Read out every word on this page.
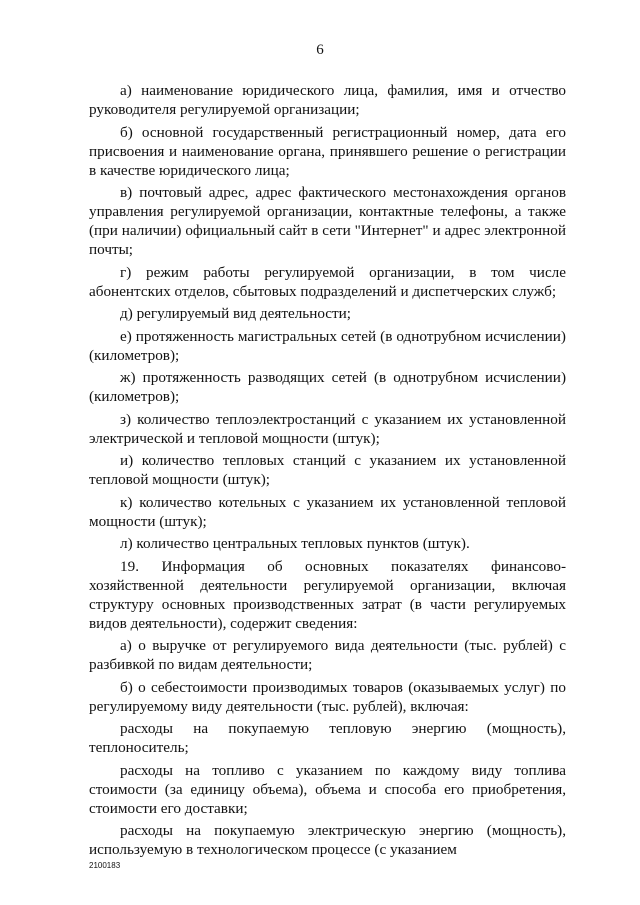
6

а) наименование юридического лица, фамилия, имя и отчество руководителя регулируемой организации;

б) основной государственный регистрационный номер, дата его присвоения и наименование органа, принявшего решение о регистрации в качестве юридического лица;

в) почтовый адрес, адрес фактического местонахождения органов управления регулируемой организации, контактные телефоны, а также (при наличии) официальный сайт в сети "Интернет" и адрес электронной почты;

г) режим работы регулируемой организации, в том числе абонентских отделов, сбытовых подразделений и диспетчерских служб;

д) регулируемый вид деятельности;

е) протяженность магистральных сетей (в однотрубном исчислении) (километров);

ж) протяженность разводящих сетей (в однотрубном исчислении) (километров);

з) количество теплоэлектростанций с указанием их установленной электрической и тепловой мощности (штук);

и) количество тепловых станций с указанием их установленной тепловой мощности (штук);

к) количество котельных с указанием их установленной тепловой мощности (штук);

л) количество центральных тепловых пунктов (штук).

19. Информация об основных показателях финансово-хозяйственной деятельности регулируемой организации, включая структуру основных производственных затрат (в части регулируемых видов деятельности), содержит сведения:

а) о выручке от регулируемого вида деятельности (тыс. рублей) с разбивкой по видам деятельности;

б) о себестоимости производимых товаров (оказываемых услуг) по регулируемому виду деятельности (тыс. рублей), включая:

расходы на покупаемую тепловую энергию (мощность), теплоноситель;

расходы на топливо с указанием по каждому виду топлива стоимости (за единицу объема), объема и способа его приобретения, стоимости его доставки;

расходы на покупаемую электрическую энергию (мощность), используемую в технологическом процессе (с указанием

2100183
